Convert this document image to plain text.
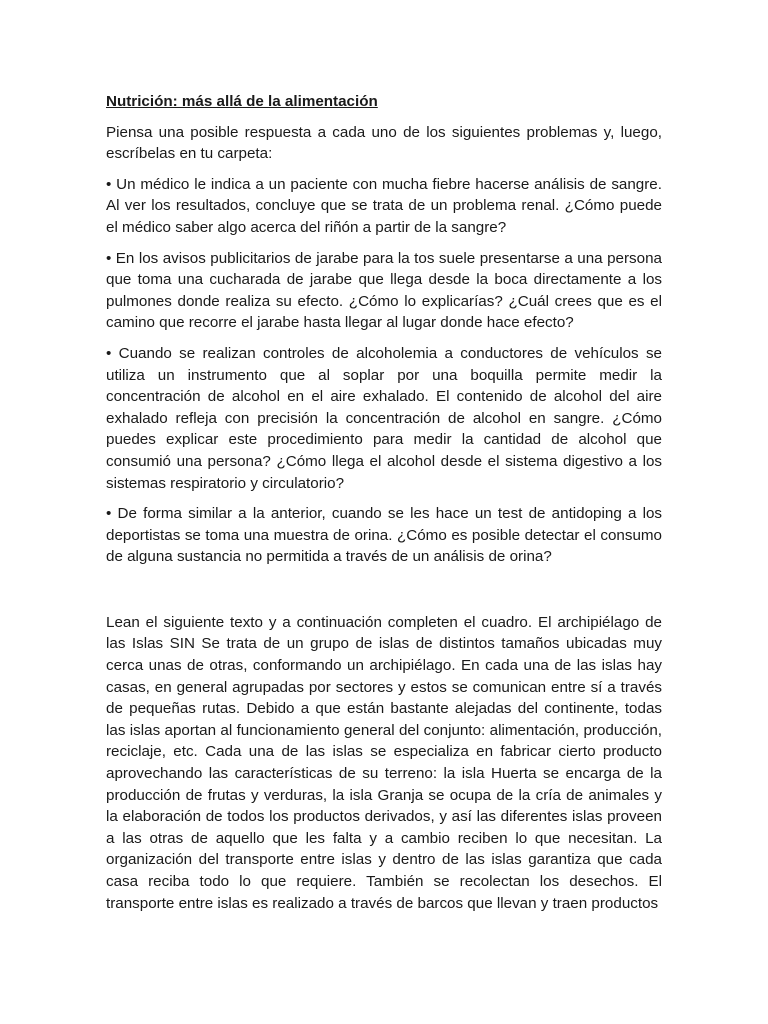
Nutrición: más allá de la alimentación

Piensa una posible respuesta a cada uno de los siguientes problemas y, luego, escríbelas en tu carpeta:

• Un médico le indica a un paciente con mucha fiebre hacerse análisis de sangre. Al ver los resultados, concluye que se trata de un problema renal. ¿Cómo puede el médico saber algo acerca del riñón a partir de la sangre?

• En los avisos publicitarios de jarabe para la tos suele presentarse a una persona que toma una cucharada de jarabe que llega desde la boca directamente a los pulmones donde realiza su efecto. ¿Cómo lo explicarías? ¿Cuál crees que es el camino que recorre el jarabe hasta llegar al lugar donde hace efecto?

• Cuando se realizan controles de alcoholemia a conductores de vehículos se utiliza un instrumento que al soplar por una boquilla permite medir la concentración de alcohol en el aire exhalado. El contenido de alcohol del aire exhalado refleja con precisión la concentración de alcohol en sangre. ¿Cómo puedes explicar este procedimiento para medir la cantidad de alcohol que consumió una persona? ¿Cómo llega el alcohol desde el sistema digestivo a los sistemas respiratorio y circulatorio?

• De forma similar a la anterior, cuando se les hace un test de antidoping a los deportistas se toma una muestra de orina. ¿Cómo es posible detectar el consumo de alguna sustancia no permitida a través de un análisis de orina?

Lean el siguiente texto y a continuación completen el cuadro. El archipiélago de las Islas SIN Se trata de un grupo de islas de distintos tamaños ubicadas muy cerca unas de otras, conformando un archipiélago. En cada una de las islas hay casas, en general agrupadas por sectores y estos se comunican entre sí a través de pequeñas rutas. Debido a que están bastante alejadas del continente, todas las islas aportan al funcionamiento general del conjunto: alimentación, producción, reciclaje, etc. Cada una de las islas se especializa en fabricar cierto producto aprovechando las características de su terreno: la isla Huerta se encarga de la producción de frutas y verduras, la isla Granja se ocupa de la cría de animales y la elaboración de todos los productos derivados, y así las diferentes islas proveen a las otras de aquello que les falta y a cambio reciben lo que necesitan. La organización del transporte entre islas y dentro de las islas garantiza que cada casa reciba todo lo que requiere. También se recolectan los desechos. El transporte entre islas es realizado a través de barcos que llevan y traen productos
